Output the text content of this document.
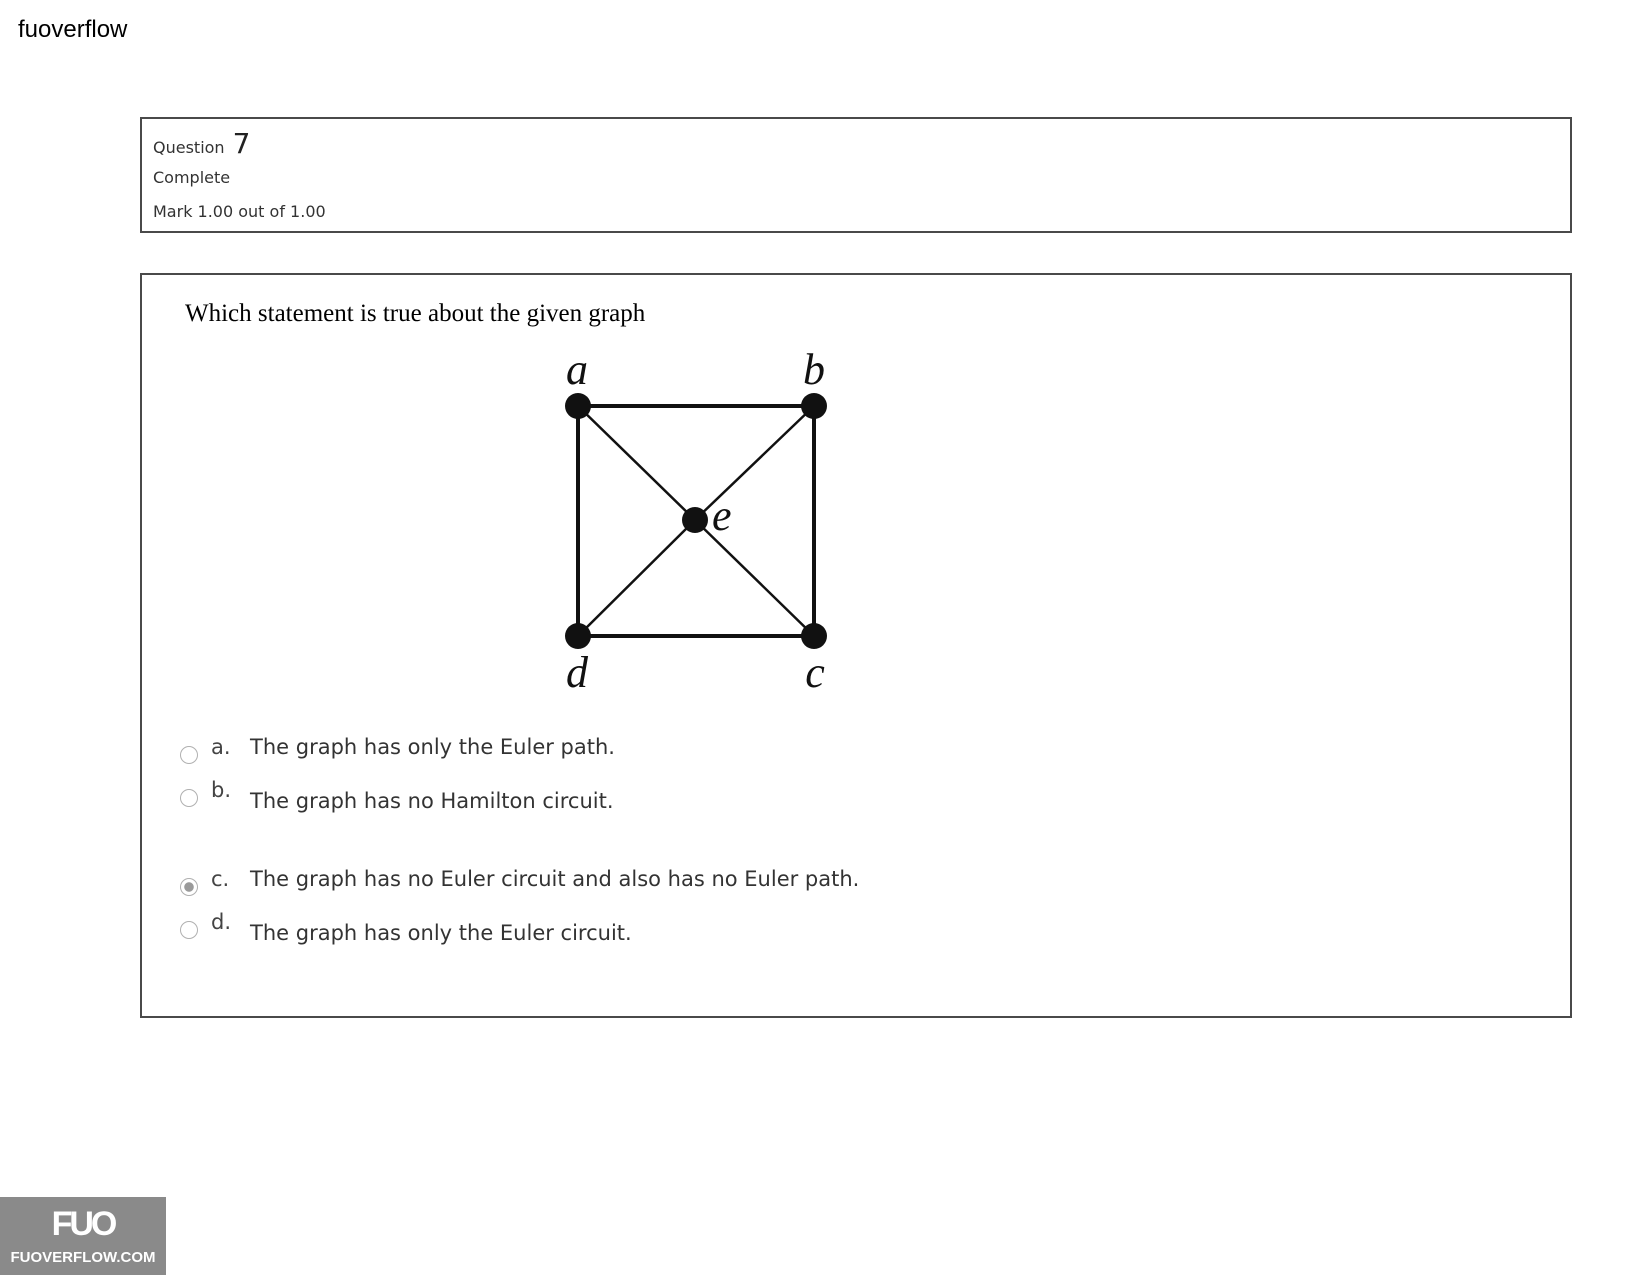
fuoverflow
Question 7
Complete
Mark 1.00 out of 1.00
Which statement is true about the given graph
a	b
c
d
e
a. The graph has only the Euler path.
b. The graph has no Hamilton circuit.
c. The graph has no Euler circuit and also has no Euler path.
d. The graph has only the Euler circuit.
FUO
FUOVERFLOW.COM
